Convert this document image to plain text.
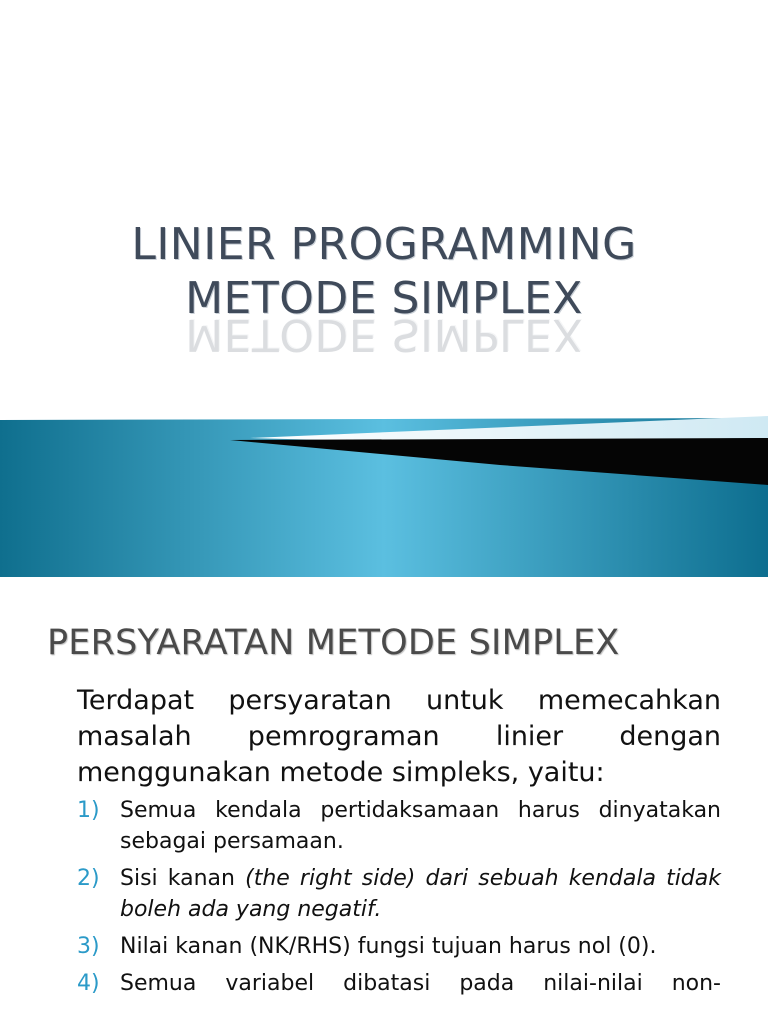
LINIER PROGRAMMING
METODE SIMPLEX
METODE SIMPLEX
PERSYARATAN METODE SIMPLEX

Terdapat persyaratan untuk memecahkan masalah pemrograman linier dengan menggunakan metode simpleks, yaitu:

1) Semua kendala pertidaksamaan harus dinyatakan sebagai persamaan.
2) Sisi kanan (the right side) dari sebuah kendala tidak boleh ada yang negatif.
3) Nilai kanan (NK/RHS) fungsi tujuan harus nol (0).
4) Semua variabel dibatasi pada nilai-nilai non-
